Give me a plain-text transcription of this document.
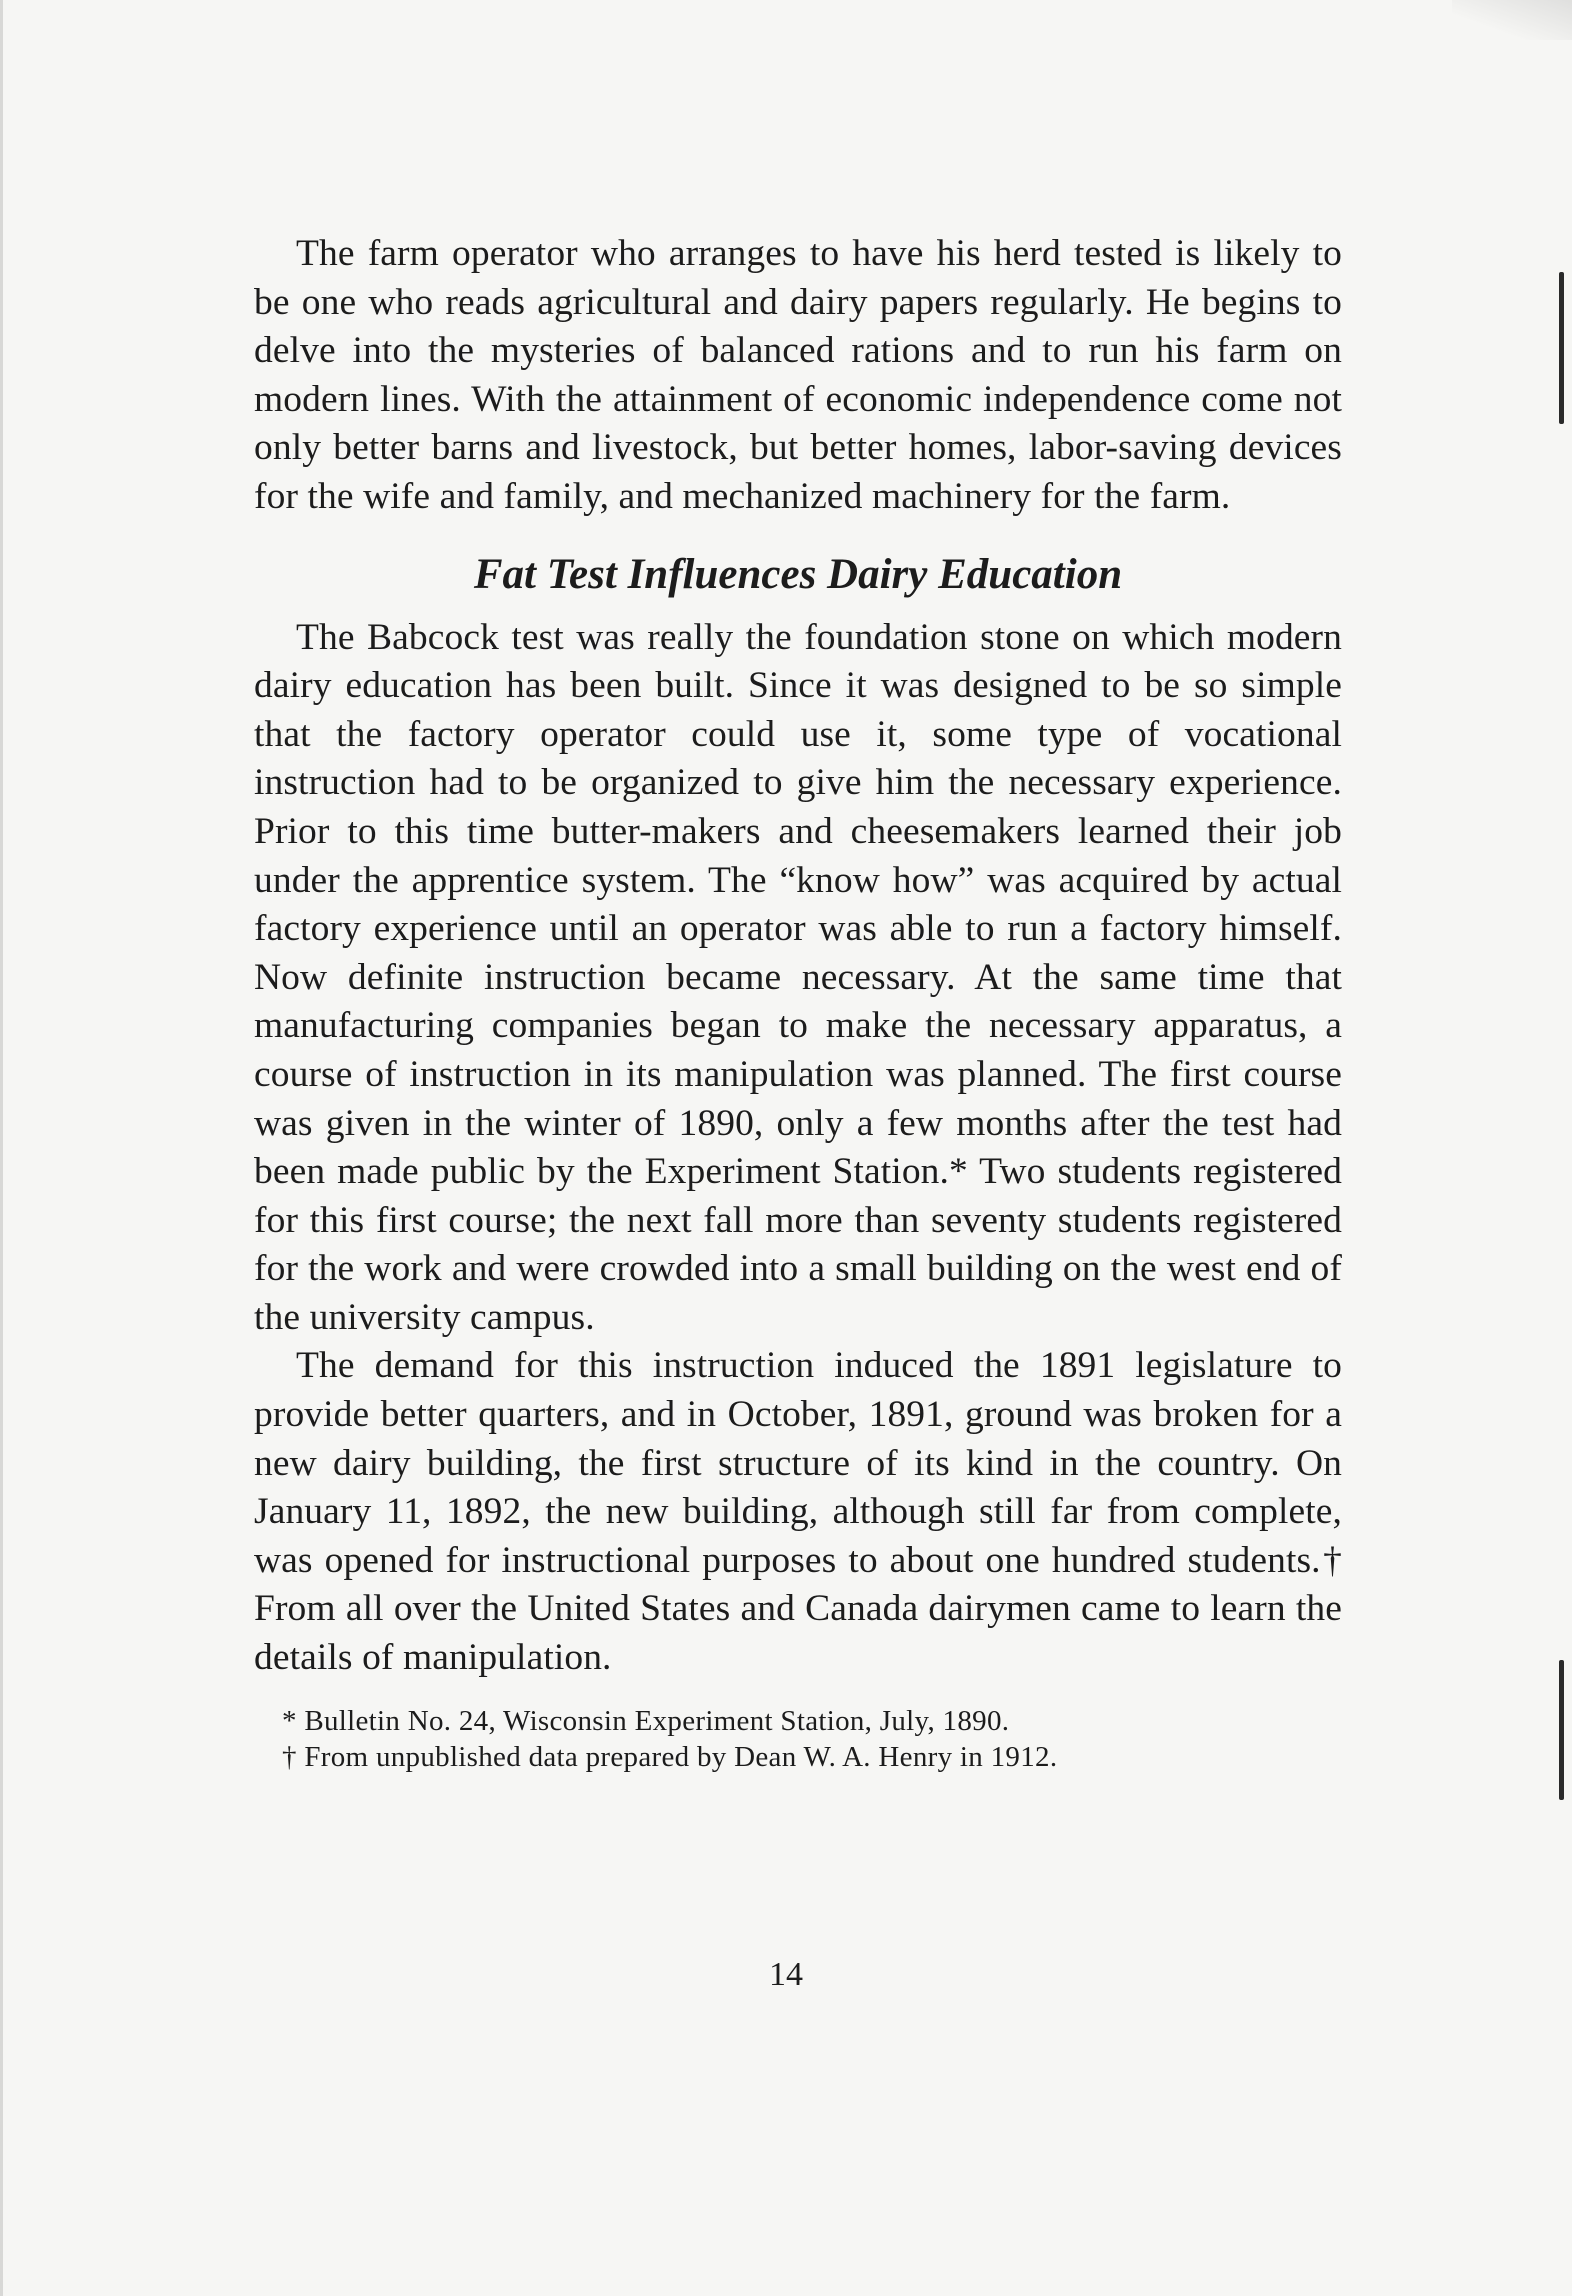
The farm operator who arranges to have his herd tested is likely to be one who reads agricultural and dairy papers regularly. He begins to delve into the mysteries of balanced rations and to run his farm on modern lines. With the attainment of economic independence come not only better barns and livestock, but better homes, labor-saving devices for the wife and family, and mechanized machinery for the farm.

Fat Test Influences Dairy Education

The Babcock test was really the foundation stone on which modern dairy education has been built. Since it was designed to be so simple that the factory operator could use it, some type of vocational instruction had to be organized to give him the necessary experience. Prior to this time butter-makers and cheesemakers learned their job under the apprentice system. The “know how” was acquired by actual factory experience until an operator was able to run a factory himself. Now definite instruction became necessary. At the same time that manufacturing companies began to make the necessary apparatus, a course of instruction in its manipulation was planned. The first course was given in the winter of 1890, only a few months after the test had been made public by the Experiment Station.* Two students registered for this first course; the next fall more than seventy students registered for the work and were crowded into a small building on the west end of the university campus.

The demand for this instruction induced the 1891 legislature to provide better quarters, and in October, 1891, ground was broken for a new dairy building, the first structure of its kind in the country. On January 11, 1892, the new building, although still far from complete, was opened for instructional purposes to about one hundred students.† From all over the United States and Canada dairymen came to learn the details of manipulation.

* Bulletin No. 24, Wisconsin Experiment Station, July, 1890.

† From unpublished data prepared by Dean W. A. Henry in 1912.

14
